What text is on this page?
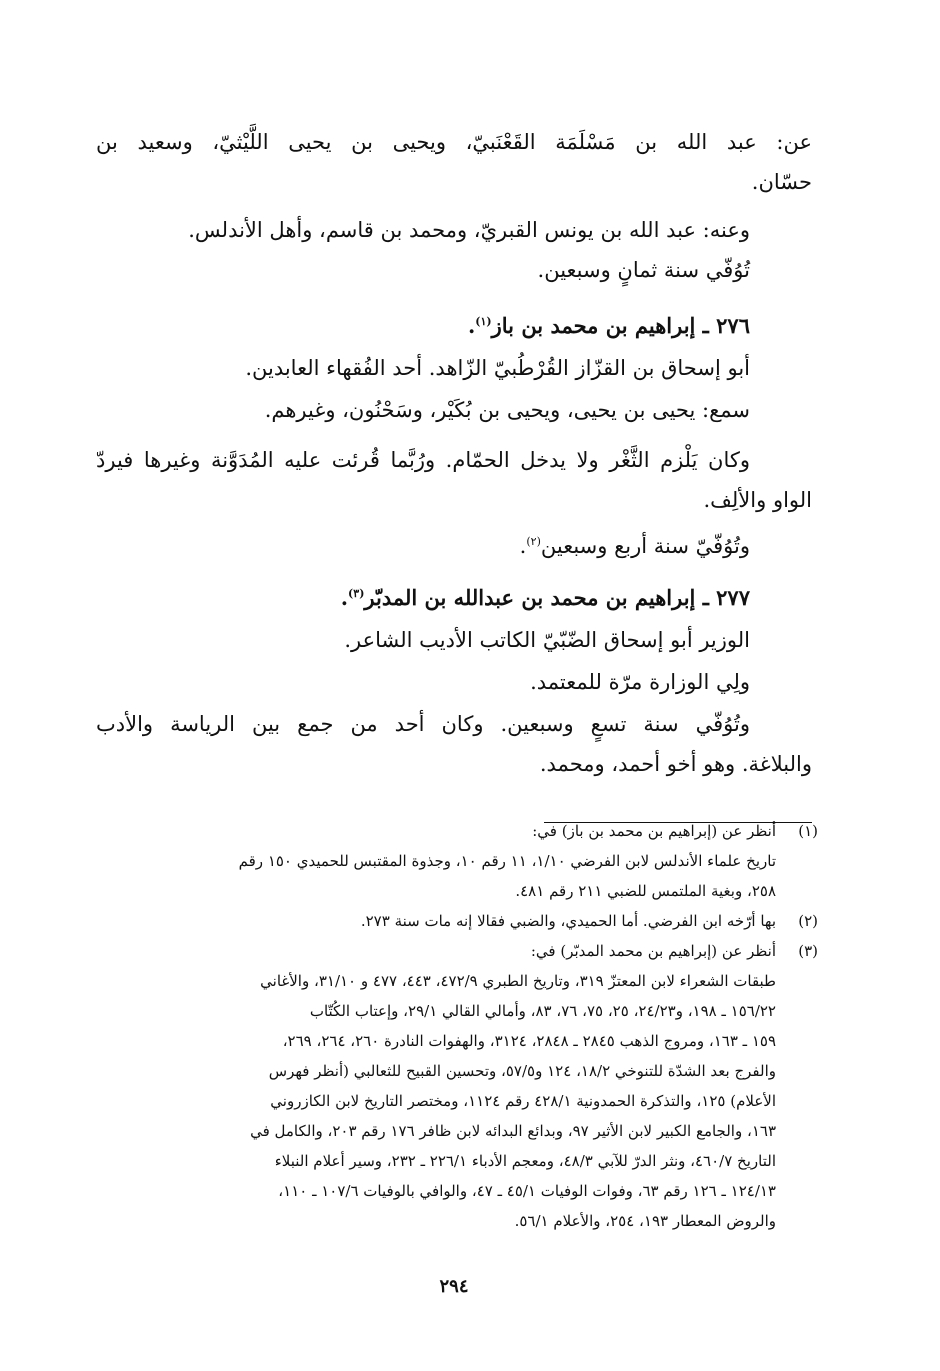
عن: عبد الله بن مَسْلَمَة القَعْنَبيّ، ويحيى بن يحيى اللَّيْثيّ، وسعيد بن
حسّان.
وعنه: عبد الله بن يونس القبريّ، ومحمد بن قاسم، وأهل الأندلس.
تُوُفّي سنة ثمانٍ وسبعين.
٢٧٦ ـ إبراهيم بن محمد بن باز$^{(١)}$.
أبو إسحاق بن القزّاز القُرْطُبيّ الزّاهد. أحد الفُقهاء العابدين.
سمع: يحيى بن يحيى، ويحيى بن بُكَيْر، وسَحْنُون، وغيرهم.
وكان يَلْزم الثَّغْر ولا يدخل الحمّام. ورُبَّما قُرئت عليه المُدَوَّنة وغيرها فيردّ
الواو والألِف.
وتُوُفّيّ سنة أربع وسبعين$^{(٢)}$.
٢٧٧ ـ إبراهيم بن محمد بن عبدالله بن المدبّر$^{(٣)}$.
الوزير أبو إسحاق الضّبّيّ الكاتب الأديب الشاعر.
ولِي الوزارة مرّة للمعتمد.
وتُوُفّي سنة تسعٍ وسبعين. وكان أحد من جمع بين الرياسة والأدب
والبلاغة. وهو أخو أحمد، ومحمد.
(١)
أنظر عن (إبراهيم بن محمد بن باز) في:
تاريخ علماء الأندلس لابن الفرضي ١/١٠، ١١ رقم ١٠، وجذوة المقتبس للحميدي ١٥٠ رقم
٢٥٨، وبغية الملتمس للضبي ٢١١ رقم ٤٨١.
(٢)
بها أرّخه ابن الفرضي. أما الحميدي، والضبي فقالا إنه مات سنة ٢٧٣.
(٣)
أنظر عن (إبراهيم بن محمد المدبّر) في:
طبقات الشعراء لابن المعتزّ ٣١٩، وتاريخ الطبري ٤٧٢/٩، ٤٤٣، ٤٧٧ و ٣١/١٠، والأغاني
١٥٦/٢٢ ـ ١٩٨، و٢٤/٢٣، ٢٥، ٧٥، ٧٦، ٨٣، وأمالي القالي ٢٩/١، وإعتاب الكُتّاب
١٥٩ ـ ١٦٣، ومروج الذهب ٢٨٤٥ ـ ٢٨٤٨، ٣١٢٤، والهفوات النادرة ٢٦٠، ٢٦٤، ٢٦٩،
والفرج بعد الشدّة للتنوخي ١٨/٢، ١٢٤ و٥٧/٥، وتحسين القبيح للثعالبي (أنظر فهرس
الأعلام) ١٢٥، والتذكرة الحمدونية ٤٢٨/١ رقم ١١٢٤، ومختصر التاريخ لابن الكازروني
١٦٣، والجامع الكبير لابن الأثير ٩٧، وبدائع البدائه لابن ظافر ١٧٦ رقم ٢٠٣، والكامل في
التاريخ ٤٦٠/٧، ونثر الدرّ للآبي ٤٨/٣، ومعجم الأدباء ٢٢٦/١ ـ ٢٣٢، وسير أعلام النبلاء
١٢٤/١٣ ـ ١٢٦ رقم ٦٣، وفوات الوفيات ٤٥/١ ـ ٤٧، والوافي بالوفيات ١٠٧/٦ ـ ١١٠،
والروض المعطار ١٩٣، ٢٥٤، والأعلام ٥٦/١.
٢٩٤
